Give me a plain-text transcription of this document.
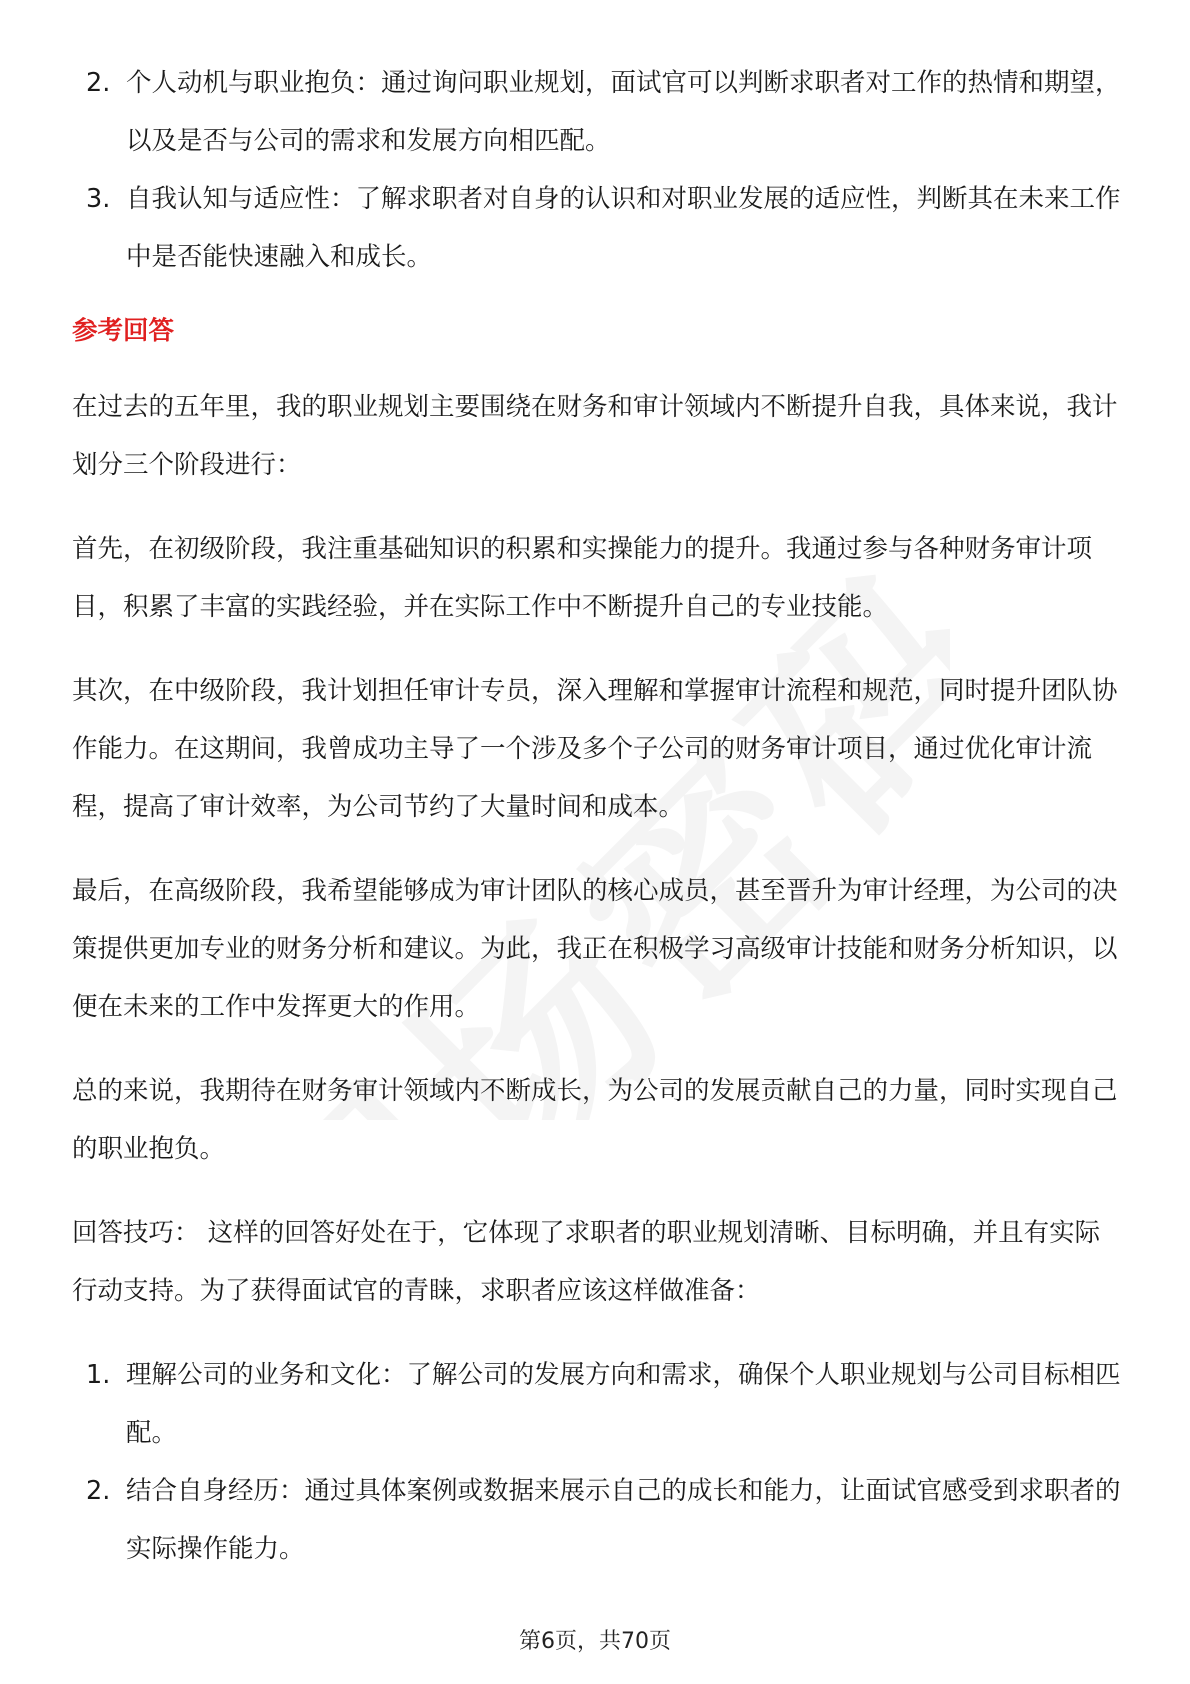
2. 个人动机与职业抱负：通过询问职业规划，面试官可以判断求职者对工作的热情和期望，以及是否与公司的需求和发展方向相匹配。
3. 自我认知与适应性：了解求职者对自身的认识和对职业发展的适应性，判断其在未来工作中是否能快速融入和成长。
参考回答

在过去的五年里，我的职业规划主要围绕在财务和审计领域内不断提升自我，具体来说，我计划分三个阶段进行：

首先，在初级阶段，我注重基础知识的积累和实操能力的提升。我通过参与各种财务审计项目，积累了丰富的实践经验，并在实际工作中不断提升自己的专业技能。

其次，在中级阶段，我计划担任审计专员，深入理解和掌握审计流程和规范，同时提升团队协作能力。在这期间，我曾成功主导了一个涉及多个子公司的财务审计项目，通过优化审计流程，提高了审计效率，为公司节约了大量时间和成本。

最后，在高级阶段，我希望能够成为审计团队的核心成员，甚至晋升为审计经理，为公司的决策提供更加专业的财务分析和建议。为此，我正在积极学习高级审计技能和财务分析知识，以便在未来的工作中发挥更大的作用。

总的来说，我期待在财务审计领域内不断成长，为公司的发展贡献自己的力量，同时实现自己的职业抱负。

回答技巧： 这样的回答好处在于，它体现了求职者的职业规划清晰、目标明确，并且有实际行动支持。为了获得面试官的青睐，求职者应该这样做准备：

1. 理解公司的业务和文化：了解公司的发展方向和需求，确保个人职业规划与公司目标相匹配。
2. 结合自身经历：通过具体案例或数据来展示自己的成长和能力，让面试官感受到求职者的实际操作能力。
第6页，共70页
